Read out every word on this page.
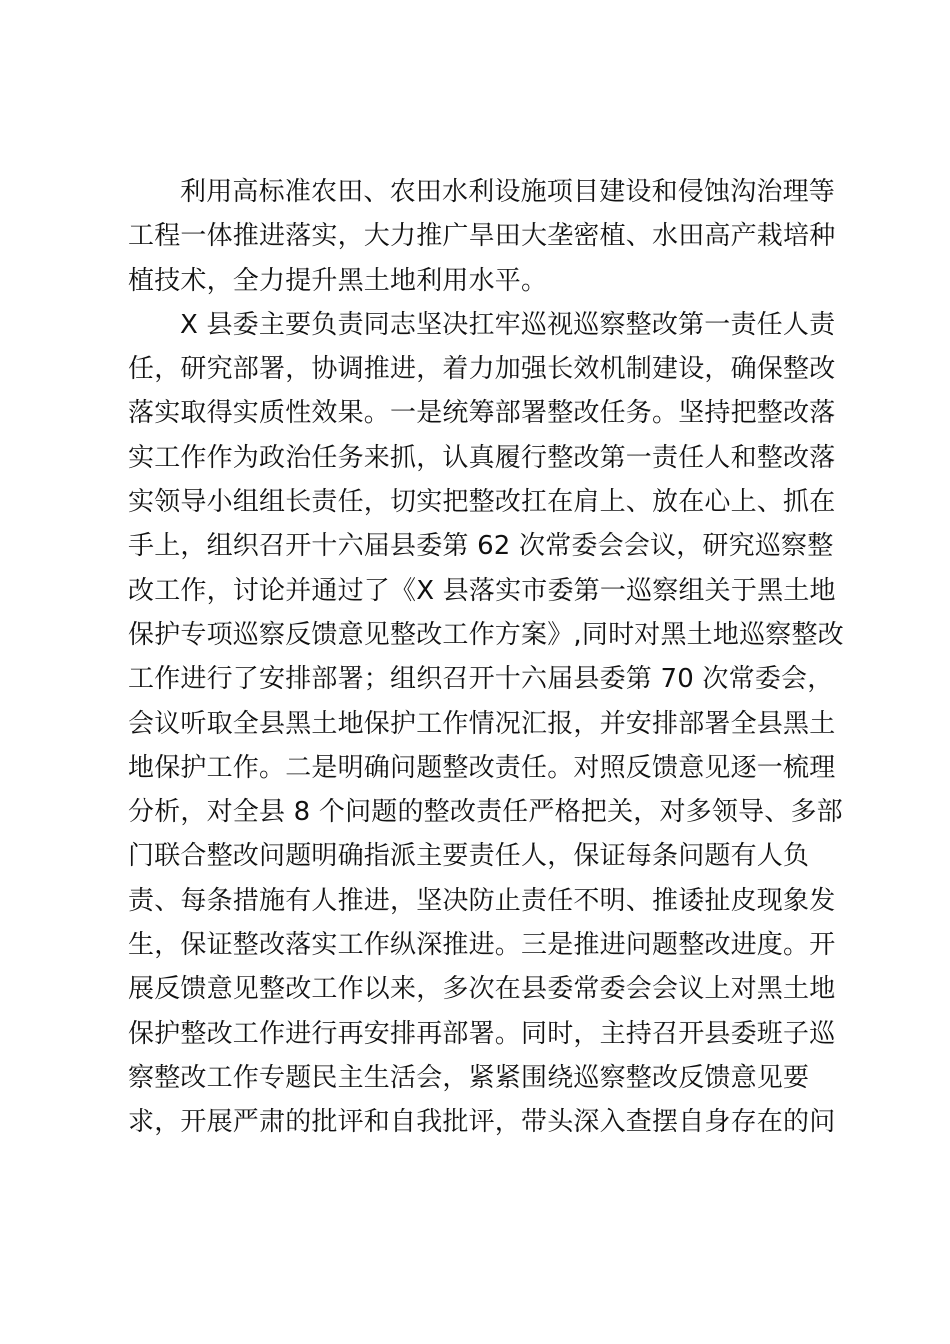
利用高标准农田、农田水利设施项目建设和侵蚀沟治理等
工程一体推进落实，大力推广旱田大垄密植、水田高产栽培种
植技术，全力提升黑土地利用水平。
X 县委主要负责同志坚决扛牢巡视巡察整改第一责任人责
任，研究部署，协调推进，着力加强长效机制建设，确保整改
落实取得实质性效果。一是统筹部署整改任务。坚持把整改落
实工作作为政治任务来抓，认真履行整改第一责任人和整改落
实领导小组组长责任，切实把整改扛在肩上、放在心上、抓在
手上，组织召开十六届县委第 62 次常委会会议，研究巡察整
改工作，讨论并通过了《X 县落实市委第一巡察组关于黑土地
保护专项巡察反馈意见整改工作方案》,同时对黑土地巡察整改
工作进行了安排部署；组织召开十六届县委第 70 次常委会，
会议听取全县黑土地保护工作情况汇报，并安排部署全县黑土
地保护工作。二是明确问题整改责任。对照反馈意见逐一梳理
分析，对全县 8 个问题的整改责任严格把关，对多领导、多部
门联合整改问题明确指派主要责任人，保证每条问题有人负
责、每条措施有人推进，坚决防止责任不明、推诿扯皮现象发
生，保证整改落实工作纵深推进。三是推进问题整改进度。开
展反馈意见整改工作以来，多次在县委常委会会议上对黑土地
保护整改工作进行再安排再部署。同时，主持召开县委班子巡
察整改工作专题民主生活会，紧紧围绕巡察整改反馈意见要
求，开展严肃的批评和自我批评，带头深入查摆自身存在的问
